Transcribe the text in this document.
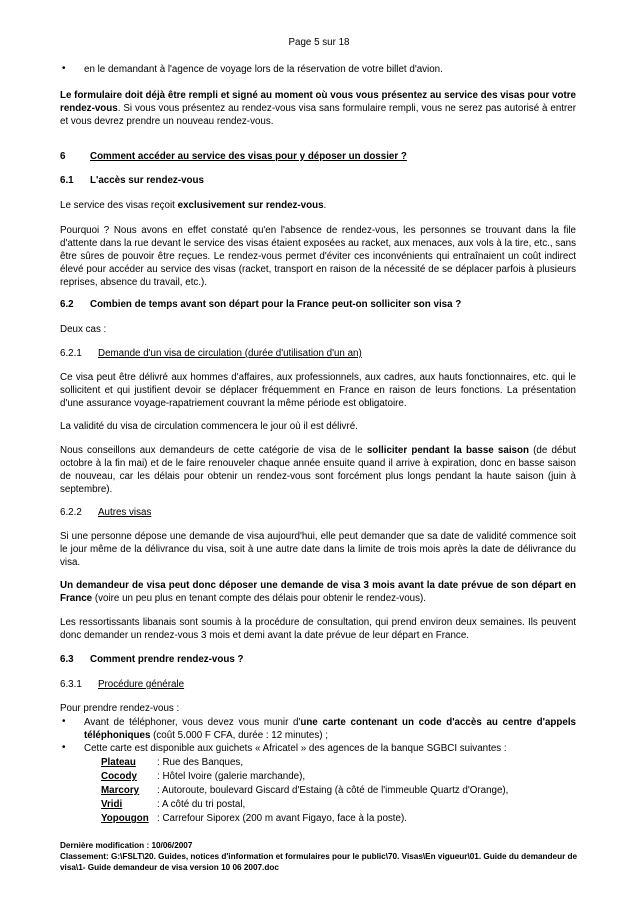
Page 5 sur 18
• en le demandant à l'agence de voyage lors de la réservation de votre billet d'avion.
Le formulaire doit déjà être rempli et signé au moment où vous vous présentez au service des visas pour votre rendez-vous. Si vous vous présentez au rendez-vous visa sans formulaire rempli, vous ne serez pas autorisé à entrer et vous devrez prendre un nouveau rendez-vous.
6	Comment accéder au service des visas pour y déposer un dossier ?
6.1 L'accès sur rendez-vous
Le service des visas reçoit exclusivement sur rendez-vous.
Pourquoi ? Nous avons en effet constaté qu'en l'absence de rendez-vous, les personnes se trouvant dans la file d'attente dans la rue devant le service des visas étaient exposées au racket, aux menaces, aux vols à la tire, etc., sans être sûres de pouvoir être reçues. Le rendez-vous permet d'éviter ces inconvénients qui entraînaient un coût indirect élevé pour accéder au service des visas (racket, transport en raison de la nécessité de se déplacer parfois à plusieurs reprises, absence du travail, etc.).
6.2 Combien de temps avant son départ pour la France peut-on solliciter son visa ?
Deux cas :
6.2.1 Demande d'un visa de circulation (durée d'utilisation d'un an)
Ce visa peut être délivré aux hommes d'affaires, aux professionnels, aux cadres, aux hauts fonctionnaires, etc. qui le sollicitent et qui justifient devoir se déplacer fréquemment en France en raison de leurs fonctions. La présentation d'une assurance voyage-rapatriement couvrant la même période est obligatoire.
La validité du visa de circulation commencera le jour où il est délivré.
Nous conseillons aux demandeurs de cette catégorie de visa de le solliciter pendant la basse saison (de début octobre à la fin mai) et de le faire renouveler chaque année ensuite quand il arrive à expiration, donc en basse saison de nouveau, car les délais pour obtenir un rendez-vous sont forcément plus longs pendant la haute saison (juin à septembre).
6.2.2 Autres visas
Si une personne dépose une demande de visa aujourd'hui, elle peut demander que sa date de validité commence soit le jour même de la délivrance du visa, soit à une autre date dans la limite de trois mois après la date de délivrance du visa.
Un demandeur de visa peut donc déposer une demande de visa 3 mois avant la date prévue de son départ en France (voire un peu plus en tenant compte des délais pour obtenir le rendez-vous).
Les ressortissants libanais sont soumis à la procédure de consultation, qui prend environ deux semaines. Ils peuvent donc demander un rendez-vous 3 mois et demi avant la date prévue de leur départ en France.
6.3 Comment prendre rendez-vous ?
6.3.1 Procédure générale
Pour prendre rendez-vous :
• Avant de téléphoner, vous devez vous munir d'une carte contenant un code d'accès au centre d'appels téléphoniques (coût 5.000 F CFA, durée : 12 minutes) ;
• Cette carte est disponible aux guichets « Africatel » des agences de la banque SGBCI suivantes :
Plateau : Rue des Banques,
Cocody : Hôtel Ivoire (galerie marchande),
Marcory : Autoroute, boulevard Giscard d'Estaing (à côté de l'immeuble Quartz d'Orange),
Vridi	: A côté du tri postal,
Yopougon : Carrefour Siporex (200 m avant Figayo, face à la poste).
Dernière modification : 10/06/2007
Classement: G:\FSLT\20. Guides, notices d'information et formulaires pour le public\70. Visas\En vigueur\01. Guide du demandeur de visa\1- Guide demandeur de visa version 10 06 2007.doc
